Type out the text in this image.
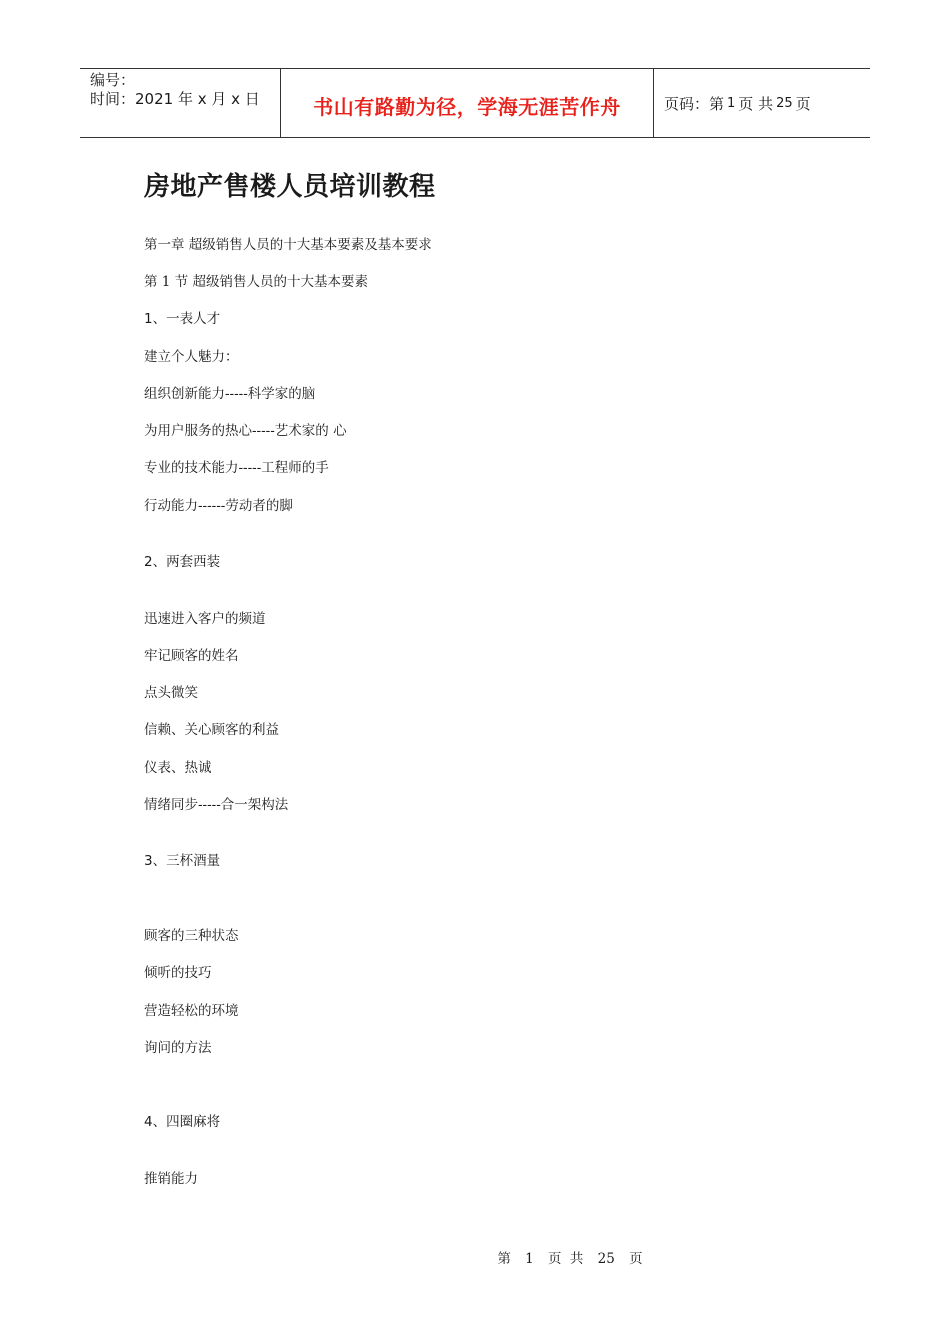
编号：
时间：2021 年 x 月 x 日	书山有路勤为径，学海无涯苦作舟	页码：第 1 页 共 25 页
房地产售楼人员培训教程
第一章 超级销售人员的十大基本要素及基本要求
第 1 节 超级销售人员的十大基本要素
1、一表人才
建立个人魅力：
组织创新能力-----科学家的脑
为用户服务的热心-----艺术家的 心
专业的技术能力-----工程师的手
行动能力------劳动者的脚
2、两套西装
迅速进入客户的频道
牢记顾客的姓名
点头微笑
信赖、关心顾客的利益
仪表、热诚
情绪同步-----合一架构法
3、三杯酒量
顾客的三种状态
倾听的技巧
营造轻松的环境
询问的方法
4、四圈麻将
推销能力
第 1 页 共 25 页
